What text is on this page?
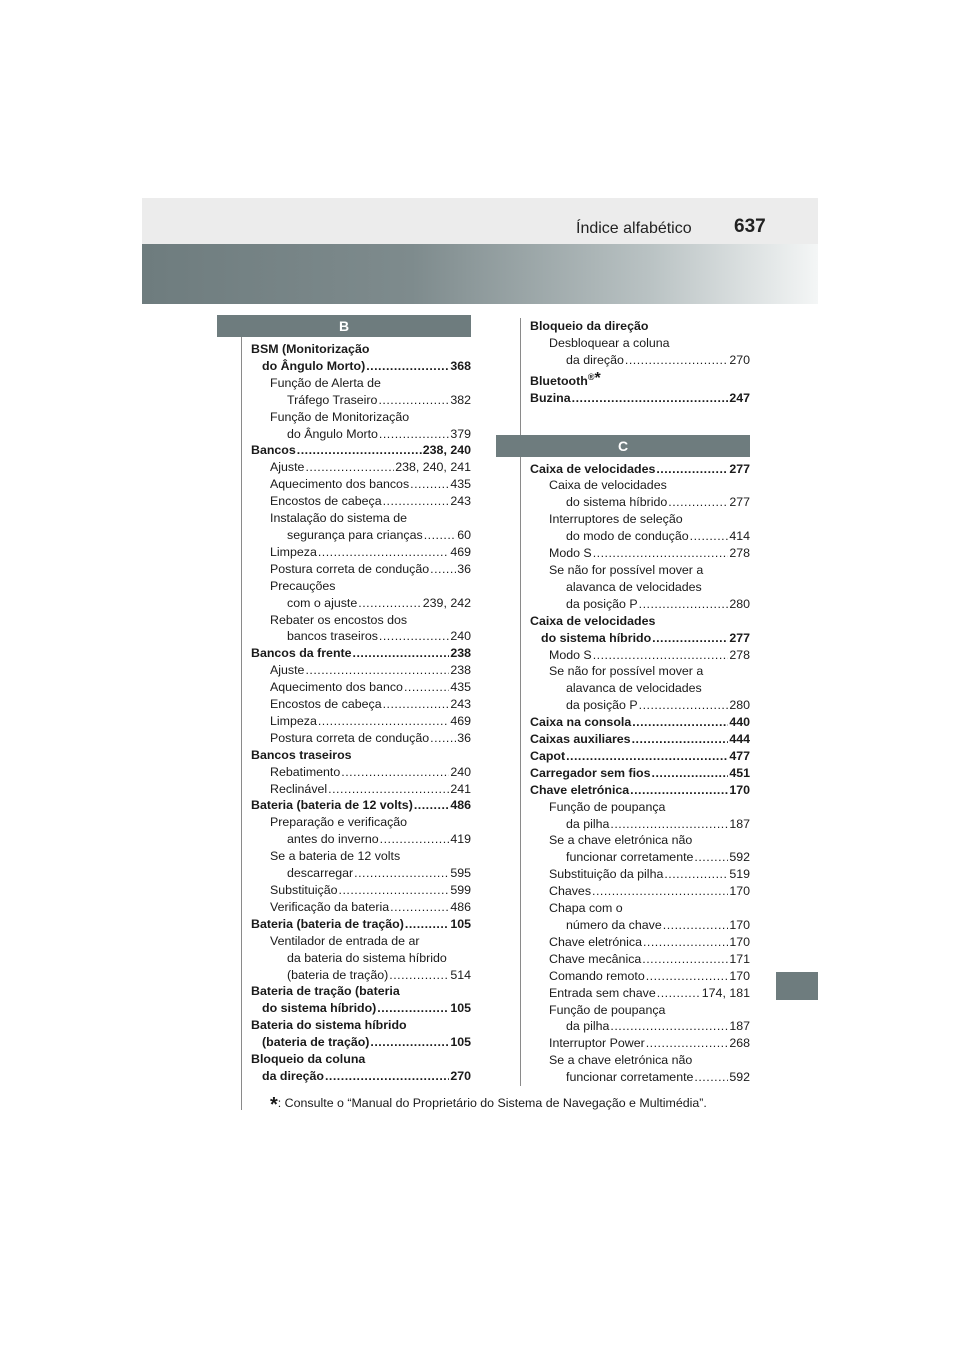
Índice alfabético 637
B
BSM (Monitorização
do Ângulo Morto) .....	368
Função de Alerta de
Tráfego Traseiro .....	382
Função de Monitorização
do Ângulo Morto .....	379
Bancos .....	238, 240
Ajuste .....	238, 240, 241
Aquecimento dos bancos .....	435
Encostos de cabeça .....	243
Instalação do sistema de
segurança para crianças .....	60
Limpeza .....	469
Postura correta de condução ..... 36
Precauções
com o ajuste .....	239, 242
Rebater os encostos dos
bancos traseiros .....	240
Bancos da frente .....	238
Ajuste .....	238
Aquecimento dos banco .....	435
Encostos de cabeça .....	243
Limpeza .....	469
Postura correta de condução ..... 36
Bancos traseiros
Rebatimento .....	240
Reclinável .....	241
Bateria (bateria de 12 volts) .....	486
Preparação e verificação
antes do inverno .....	419
Se a bateria de 12 volts
descarregar .....	595
Substituição .....	599
Verificação da bateria .....	486
Bateria (bateria de tração) .....	105
Ventilador de entrada de ar
da bateria do sistema híbrido
(bateria de tração) .....	514
Bateria de tração (bateria
do sistema híbrido) .....	105
Bateria do sistema híbrido
(bateria de tração) .....	105
Bloqueio da coluna
da direção .....	270
Bloqueio da direção
Desbloquear a coluna
da direção .....	270
Bluetooth®*
Buzina .....	247
C
Caixa de velocidades .....	277
Caixa de velocidades
do sistema híbrido .....	277
Interruptores de seleção
do modo de condução .....	414
Modo S .....	278
Se não for possível mover a
alavanca de velocidades
da posição P .....	280
Caixa de velocidades
do sistema híbrido .....	277
Modo S .....	278
Se não for possível mover a
alavanca de velocidades
da posição P .....	280
Caixa na consola .....	440
Caixas auxiliares .....	444
Capot .....	477
Carregador sem fios .....	451
Chave eletrónica .....	170
Função de poupança
da pilha .....	187
Se a chave eletrónica não
funcionar corretamente .....	592
Substituição da pilha .....	519
Chaves .....	170
Chapa com o
número da chave .....	170
Chave eletrónica .....	170
Chave mecânica .....	171
Comando remoto .....	170
Entrada sem chave .....	174, 181
Função de poupança
da pilha .....	187
Interruptor Power .....	268
Se a chave eletrónica não
funcionar corretamente .....	592
*: Consulte o “Manual do Proprietário do Sistema de Navegação e Multimédia”.
